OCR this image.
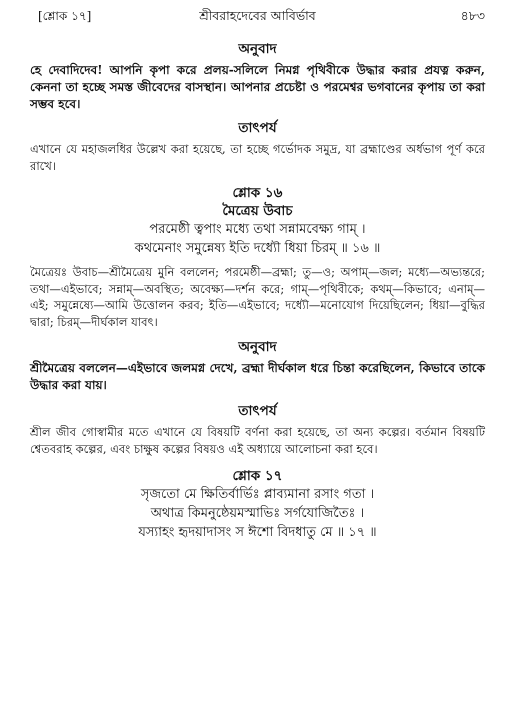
[শ্লোক ১৭]	শ্রীবরাহদেবের আবির্ভাব	৪৮৩
অনুবাদ
হে দেবাদিদেব! আপনি কৃপা করে প্রলয়-সলিলে নিমগ্ন পৃথিবীকে উদ্ধার করার প্রযত্ন করুন, কেননা তা হচ্ছে সমস্ত জীবেদের বাসস্থান। আপনার প্রচেষ্টা ও পরমেশ্বর ভগবানের কৃপায় তা করা সম্ভব হবে।
তাৎপর্য
এখানে যে মহাজলধির উল্লেখ করা হয়েছে, তা হচ্ছে গর্ভোদক সমুদ্র, যা ব্রহ্মাণ্ডের অর্ধভাগ পূর্ণ করে রাখে।
শ্লোক ১৬
মৈত্রেয় উবাচ
পরমেষ্ঠী ত্বপাং মধ্যে তথা সন্নামবেক্ষ্য গাম্ ।
কথমেনাং সমুন্নেষ্য ইতি দধ্যৌ ধিয়া চিরম্ ॥ ১৬ ॥
মৈত্রেয়ঃ উবাচ—শ্রীমৈত্রেয় মুনি বললেন; পরমেষ্ঠী—ব্রহ্মা; তু—ও; অপাম্—জল; মধ্যে—অভ্যন্তরে; তথা—এইভাবে; সন্নাম্—অবস্থিত; অবেক্ষ্য—দর্শন করে; গাম্—পৃথিবীকে; কথম্—কিভাবে; এনাম্—এই; সমুন্নেষ্যে—আমি উত্তোলন করব; ইতি—এইভাবে; দধ্যৌ—মনোযোগ দিয়েছিলেন; ধিয়া—বুদ্ধির দ্বারা; চিরম্—দীর্ঘকাল যাবৎ।
অনুবাদ
শ্রীমৈত্রেয় বললেন—এইভাবে জলমগ্ন দেখে, ব্রহ্মা দীর্ঘকাল ধরে চিন্তা করেছিলেন, কিভাবে তাকে উদ্ধার করা যায়।
তাৎপর্য
শ্রীল জীব গোস্বামীর মতে এখানে যে বিষয়টি বর্ণনা করা হয়েছে, তা অন্য কল্পের। বর্তমান বিষয়টি শ্বেতবরাহ কল্পের, এবং চাক্ষুষ কল্পের বিষয়ও এই অধ্যায়ে আলোচনা করা হবে।
শ্লোক ১৭
সৃজতো মে ক্ষিতির্বার্ভিঃ প্লাব্যমানা রসাং গতা ।
অথাত্র কিমনুষ্ঠেয়মস্মাভিঃ সর্গযোজিতৈঃ ।
যস্যাহং হৃদয়াদাসং স ঈশো বিদধাতু মে ॥ ১৭ ॥
